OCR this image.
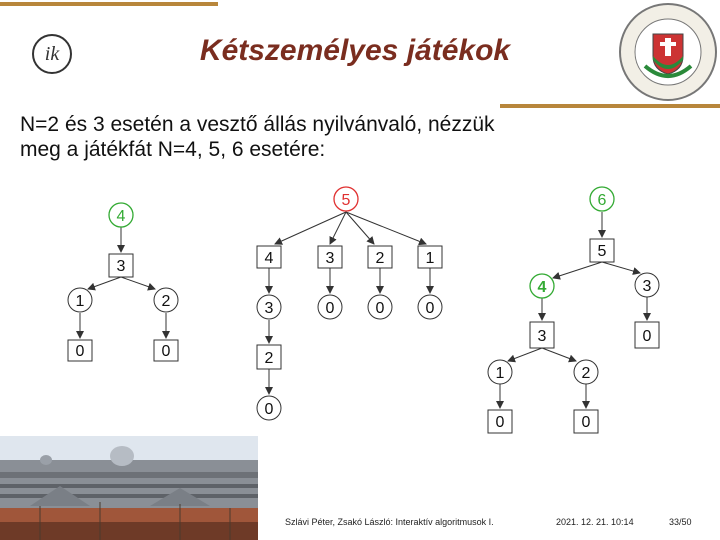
ik	Kétszemélyes játékok
N=2 és 3 esetén a vesztő állás nyilvánvaló, nézzük
meg a játékfát N=4, 5, 6 esetére:
4
3
1	2
0	0
5
4	3	2	1
3	0	0	0
2
0
6
5
4	3
3	0
1	2
0	0
Szlávi Péter, Zsakó László: Interaktív algoritmusok I.	2021. 12. 21. 10:14	33/50
